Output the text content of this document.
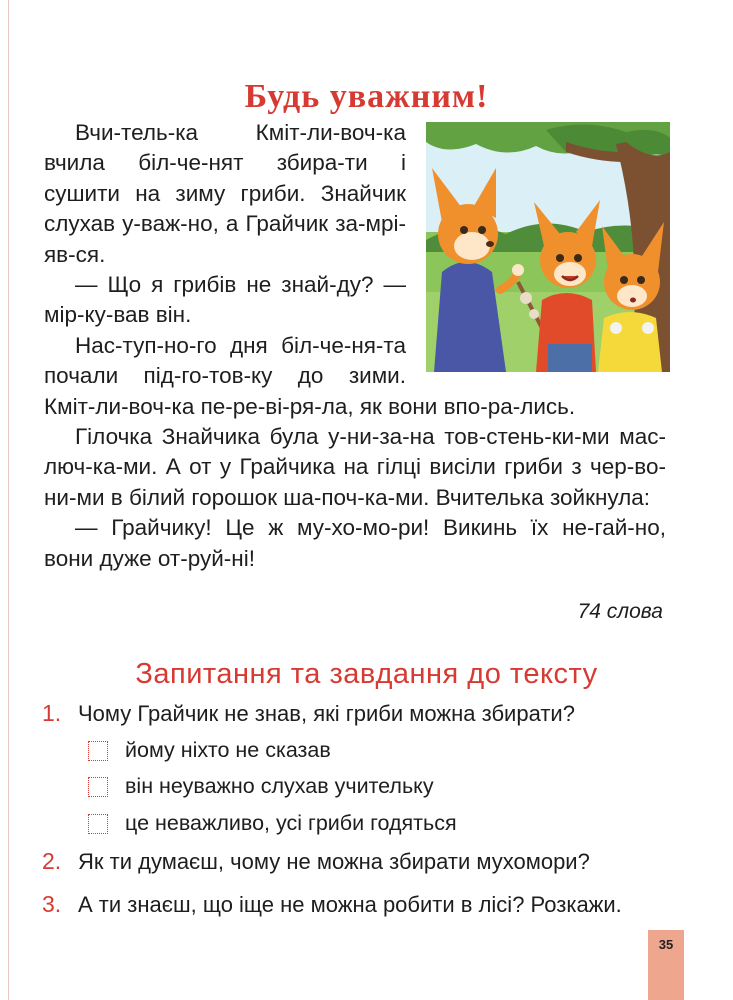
Будь уважним!

Вчи-тель-ка Кміт-ли-воч-ка вчила біл-че-нят збира-ти і сушити на зиму гриби. Знайчик слухав у-важ-но, а Грайчик за-мрі-яв-ся.

— Що я грибів не знай-ду? — мір-ку-вав він.

Нас-туп-но-го дня біл-че-ня-та почали під-го-тов-ку до зими. Кміт-ли-воч-ка пе-ре-ві-ря-ла, як вони впо-ра-лись.

Гілочка Знайчика була у-ни-за-на тов-стень-ки-ми мас-люч-ка-ми. А от у Грайчика на гілці висіли гриби з чер-во-ни-ми в білий горошок ша-поч-ка-ми. Вчителька зойкнула:

— Грайчику! Це ж му-хо-мо-ри! Викинь їх не-гай-но, вони дуже от-руй-ні!

74 слова
Запитання та завдання до тексту
1. Чому Грайчик не знав, які гриби можна збирати?
йому ніхто не сказав
він неуважно слухав учительку
це неважливо, усі гриби годяться
2. Як ти думаєш, чому не можна збирати мухомори?
3. А ти знаєш, що іще не можна робити в лісі? Розкажи.
35
